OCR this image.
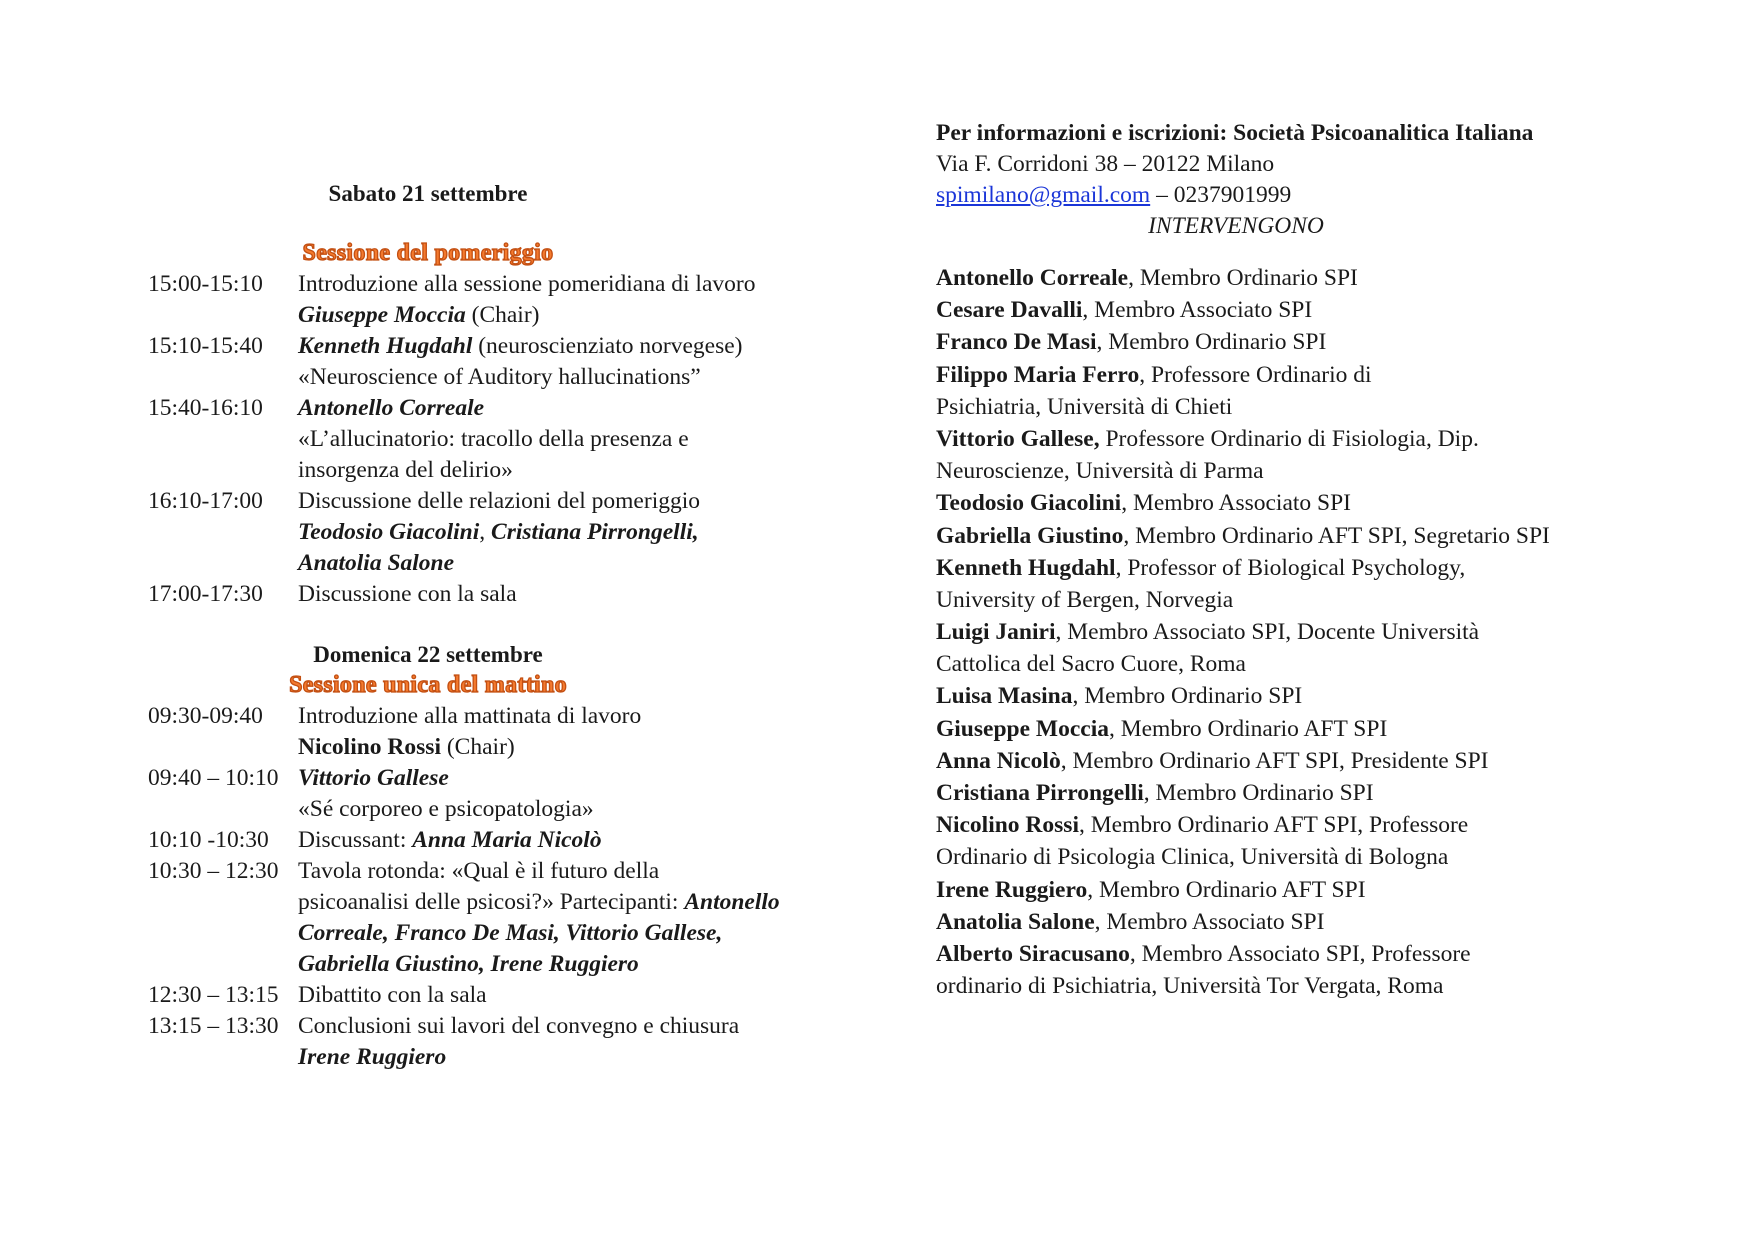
Sabato 21 settembre
Sessione del pomeriggio
15:00-15:10	Introduzione alla sessione pomeridiana di lavoro
Giuseppe Moccia (Chair)
15:10-15:40	Kenneth Hugdahl (neuroscienziato norvegese)
«Neuroscience of Auditory hallucinations”
15:40-16:10	Antonello Correale
«L’allucinatorio: tracollo della presenza e
insorgenza del delirio»
16:10-17:00	Discussione delle relazioni del pomeriggio
Teodosio Giacolini, Cristiana Pirrongelli,
Anatolia Salone
17:00-17:30	Discussione con la sala
Domenica 22 settembre
Sessione unica del mattino
09:30-09:40	Introduzione alla mattinata di lavoro
Nicolino Rossi (Chair)
09:40 – 10:10 Vittorio Gallese
«Sé corporeo e psicopatologia»
10:10 -10:30	Discussant: Anna Maria Nicolò
10:30 – 12:30 Tavola rotonda: «Qual è il futuro della
psicoanalisi delle psicosi?» Partecipanti: Antonello
Correale, Franco De Masi, Vittorio Gallese,
Gabriella Giustino, Irene Ruggiero
12:30 – 13:15 Dibattito con la sala
13:15 – 13:30 Conclusioni sui lavori del convegno e chiusura
Irene Ruggiero
Per informazioni e iscrizioni: Società Psicoanalitica Italiana
Via F. Corridoni 38 – 20122 Milano
spimilano@gmail.com – 0237901999
INTERVENGONO
Antonello Correale, Membro Ordinario SPI
Cesare Davalli, Membro Associato SPI
Franco De Masi, Membro Ordinario SPI
Filippo Maria Ferro, Professore Ordinario di
Psichiatria, Università di Chieti
Vittorio Gallese, Professore Ordinario di Fisiologia, Dip.
Neuroscienze, Università di Parma
Teodosio Giacolini, Membro Associato SPI
Gabriella Giustino, Membro Ordinario AFT SPI, Segretario SPI
Kenneth Hugdahl, Professor of Biological Psychology,
University of Bergen, Norvegia
Luigi Janiri, Membro Associato SPI, Docente Università
Cattolica del Sacro Cuore, Roma
Luisa Masina, Membro Ordinario SPI
Giuseppe Moccia, Membro Ordinario AFT SPI
Anna Nicolò, Membro Ordinario AFT SPI, Presidente SPI
Cristiana Pirrongelli, Membro Ordinario SPI
Nicolino Rossi, Membro Ordinario AFT SPI, Professore
Ordinario di Psicologia Clinica, Università di Bologna
Irene Ruggiero, Membro Ordinario AFT SPI
Anatolia Salone, Membro Associato SPI
Alberto Siracusano, Membro Associato SPI, Professore
ordinario di Psichiatria, Università Tor Vergata, Roma
